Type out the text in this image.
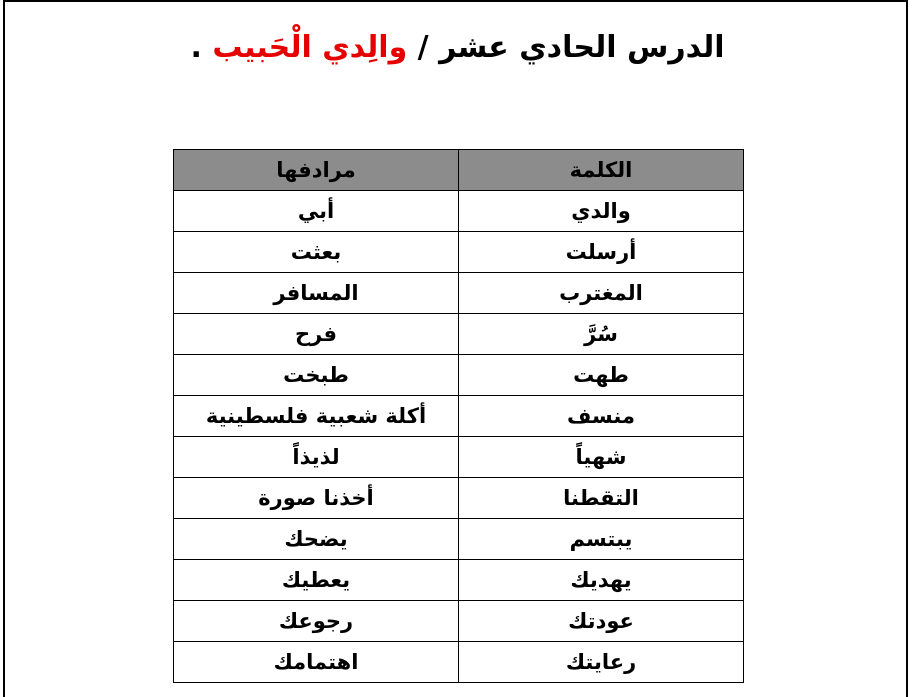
الدرس الحادي عشر / والِدي الْحَبيب .
الكلمة	مرادفها
والدي	أبي
أرسلت	بعثت
المغترب	المسافر
سُرَّ	فرح
طهت	طبخت
منسف	أكلة شعبية فلسطينية
شهياً	لذيذاً
التقطنا	أخذنا صورة
يبتسم	يضحك
يهديك	يعطيك
عودتك	رجوعك
رعايتك	اهتمامك
